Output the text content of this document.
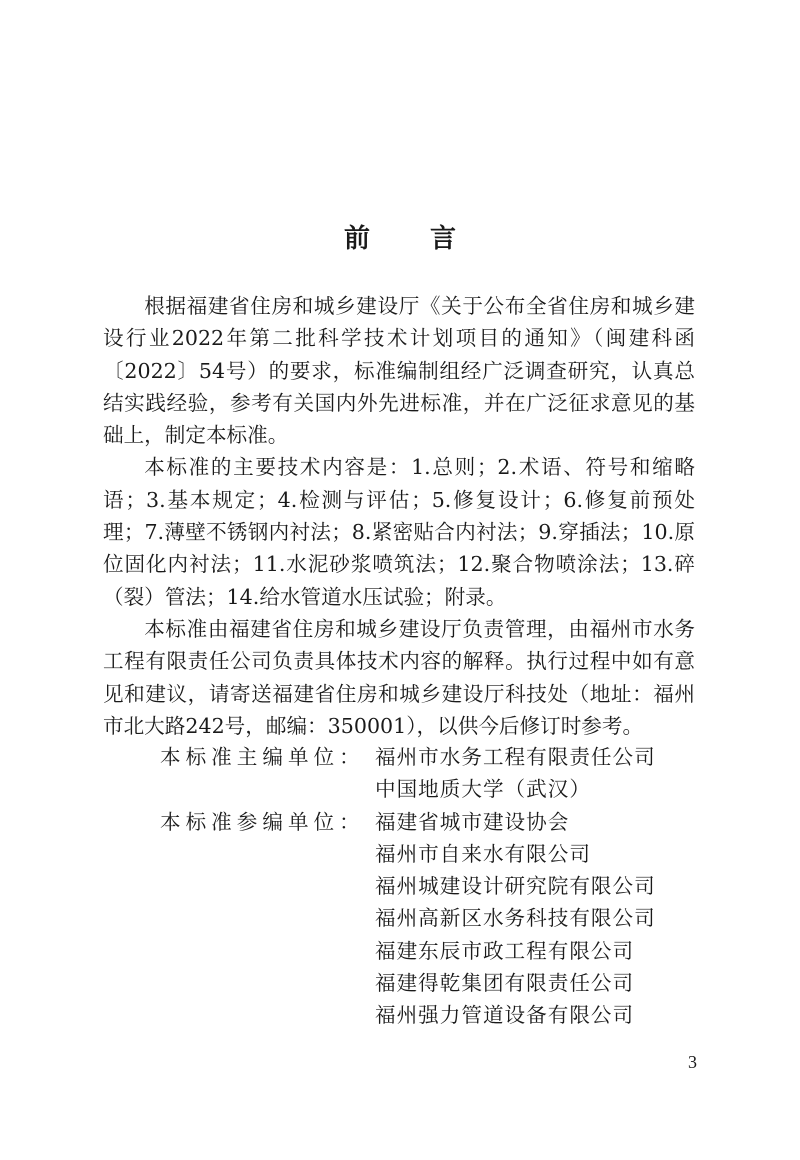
前 言

根据福建省住房和城乡建设厅《关于公布全省住房和城乡建设行业2022年第二批科学技术计划项目的通知》（闽建科函〔2022〕54号）的要求，标准编制组经广泛调查研究，认真总结实践经验，参考有关国内外先进标准，并在广泛征求意见的基础上，制定本标准。

本标准的主要技术内容是：1.总则；2.术语、符号和缩略语；3.基本规定；4.检测与评估；5.修复设计；6.修复前预处理；7.薄壁不锈钢内衬法；8.紧密贴合内衬法；9.穿插法；10.原位固化内衬法；11.水泥砂浆喷筑法；12.聚合物喷涂法；13.碎（裂）管法；14.给水管道水压试验；附录。

本标准由福建省住房和城乡建设厅负责管理，由福州市水务工程有限责任公司负责具体技术内容的解释。执行过程中如有意见和建议，请寄送福建省住房和城乡建设厅科技处（地址：福州市北大路242号，邮编：350001），以供今后修订时参考。

本标准主编单位： 福州市水务工程有限责任公司
中国地质大学（武汉）
本标准参编单位： 福建省城市建设协会
福州市自来水有限公司
福州城建设计研究院有限公司
福州高新区水务科技有限公司
福建东辰市政工程有限公司
福建得乾集团有限责任公司
福州强力管道设备有限公司
3
